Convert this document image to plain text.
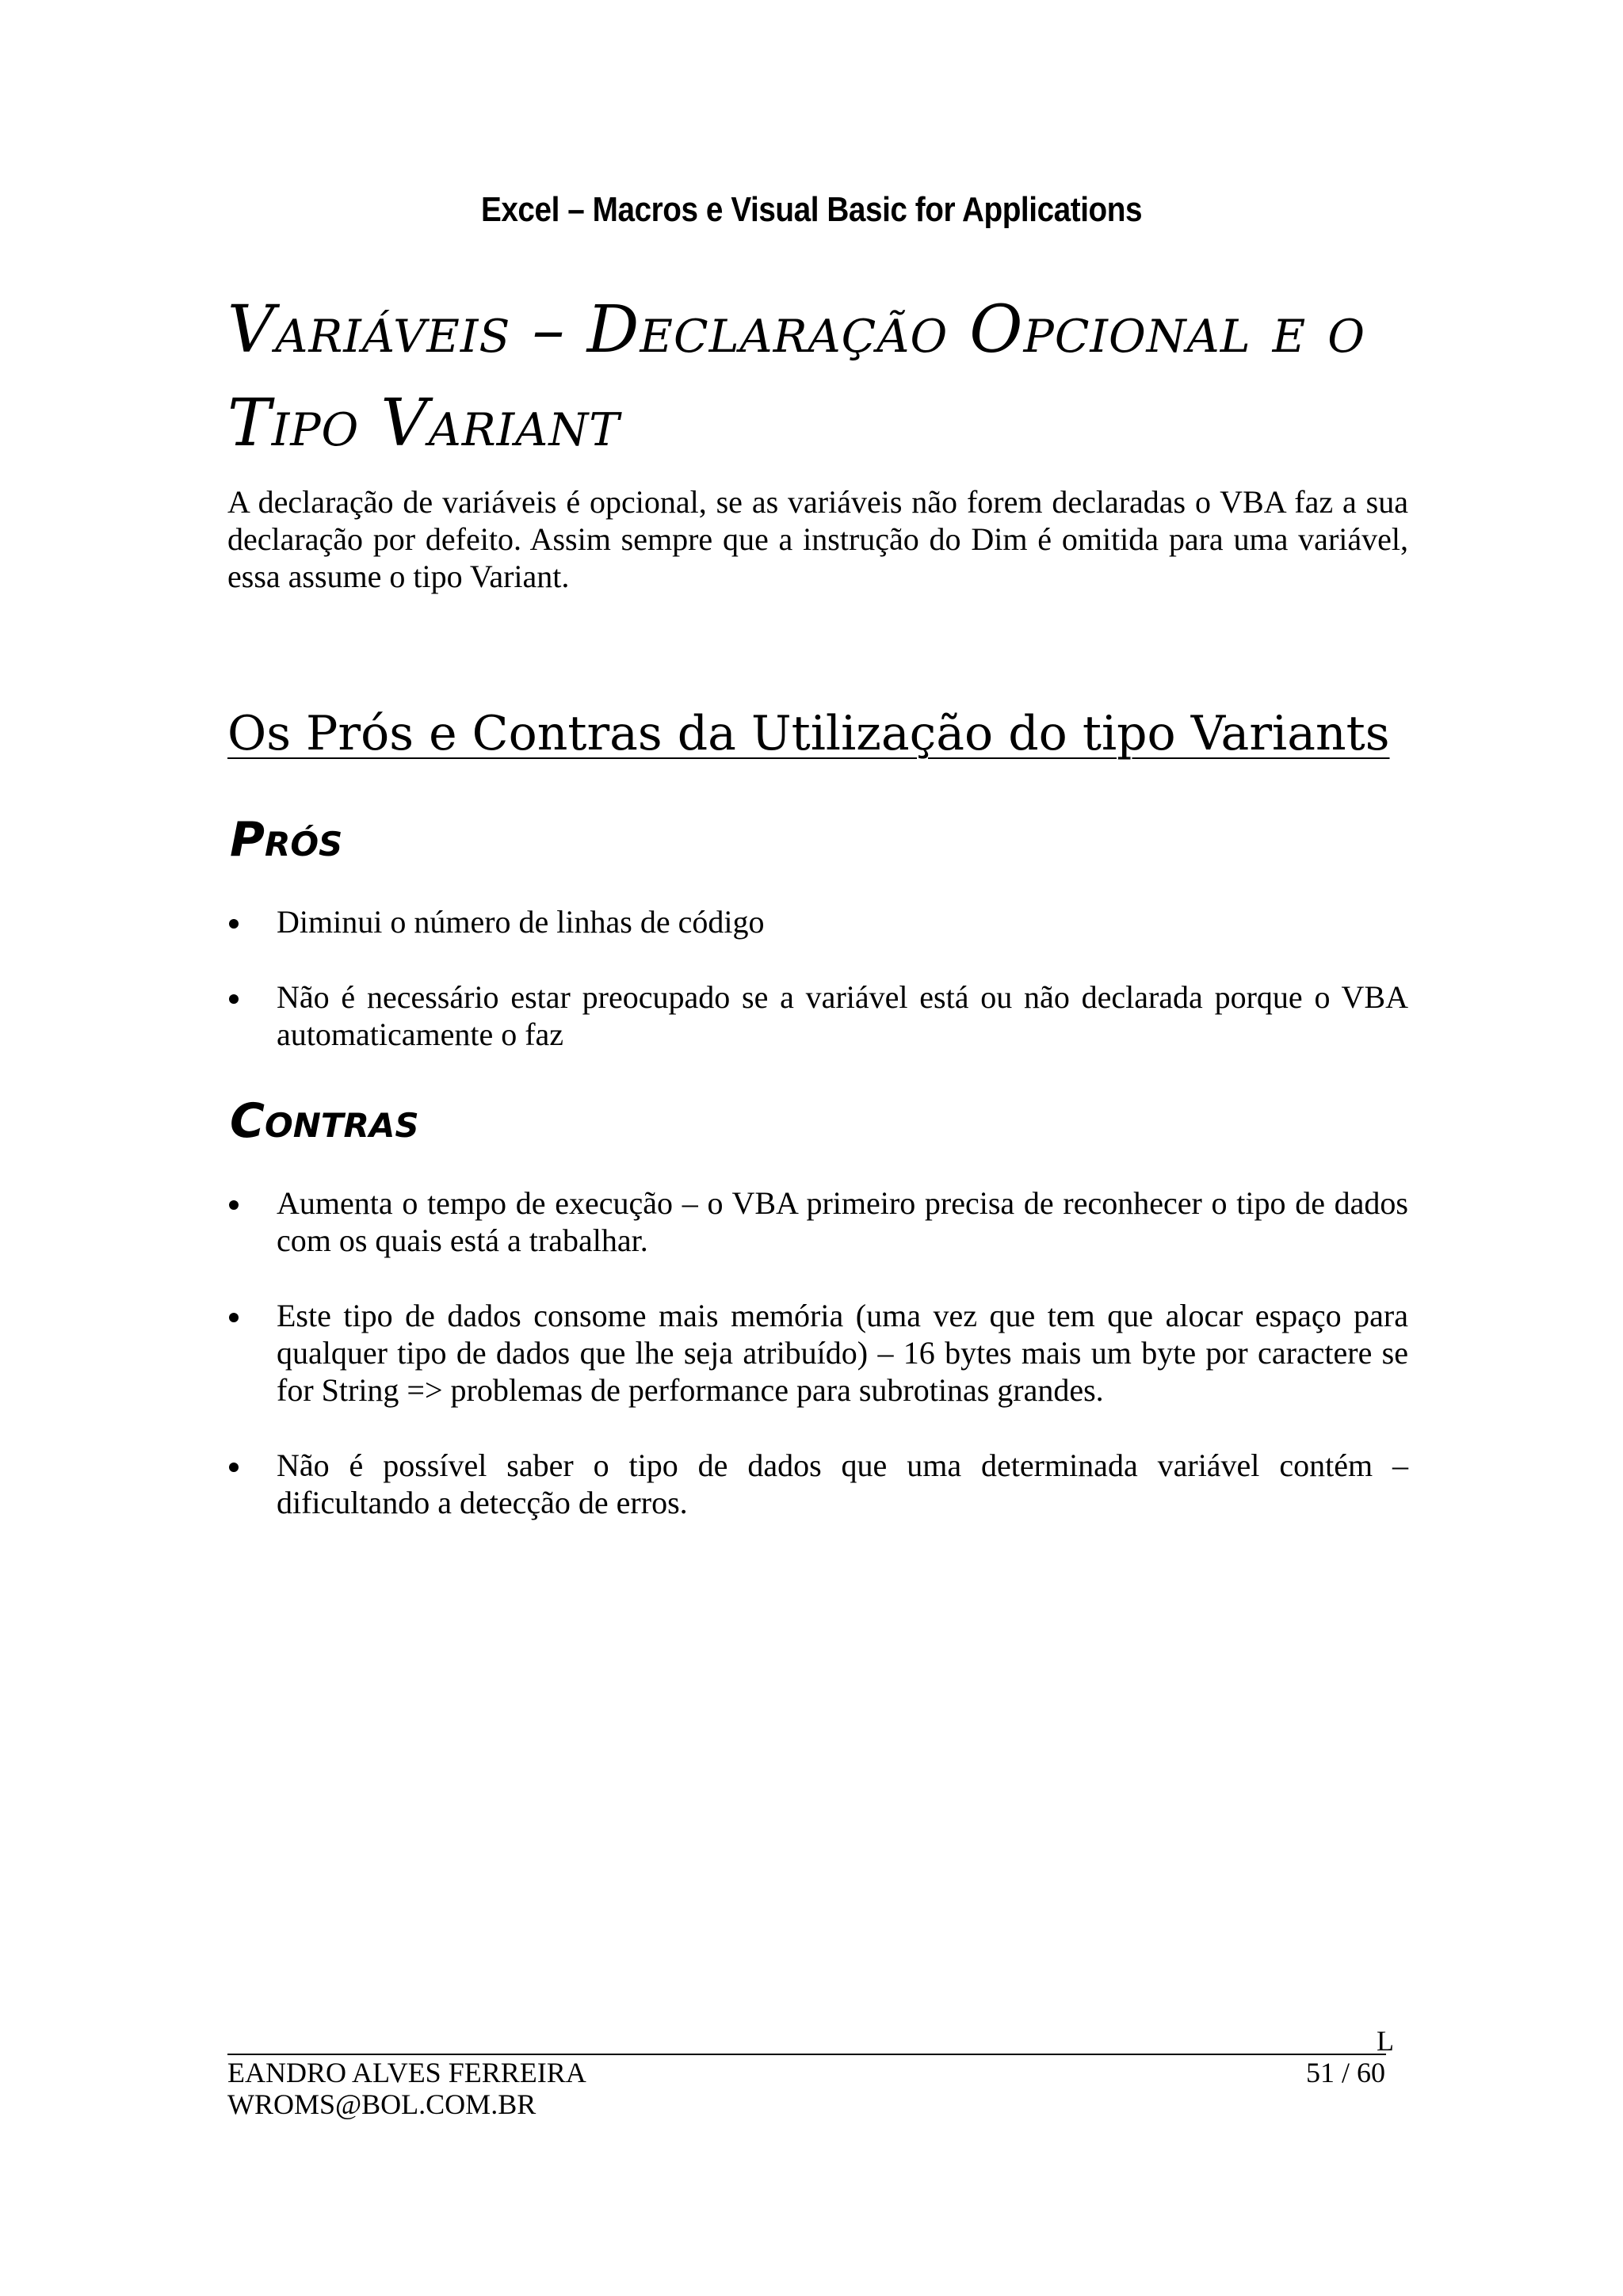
Excel – Macros e Visual Basic for Applications
Variáveis – Declaração Opcional e o
Tipo Variant

A declaração de variáveis é opcional, se as variáveis não forem declaradas o VBA faz a sua declaração por defeito. Assim sempre que a instrução do Dim é omitida para uma variável, essa assume o tipo Variant.

Os Prós e Contras da Utilização do tipo Variants
Prós
Diminui o número de linhas de código
Não é necessário estar preocupado se a variável está ou não declarada porque o VBA automaticamente o faz
Contras
Aumenta o tempo de execução – o VBA primeiro precisa de reconhecer o tipo de dados com os quais está a trabalhar.
Este tipo de dados consome mais memória (uma vez que tem que alocar espaço para qualquer tipo de dados que lhe seja atribuído) – 16 bytes mais um byte por caractere se for String => problemas de performance para subrotinas grandes.
Não é possível saber o tipo de dados que uma determinada variável contém – dificultando a detecção de erros.
L
EANDRO ALVES FERREIRA
WROMS@BOL.COM.BR
51 / 60
